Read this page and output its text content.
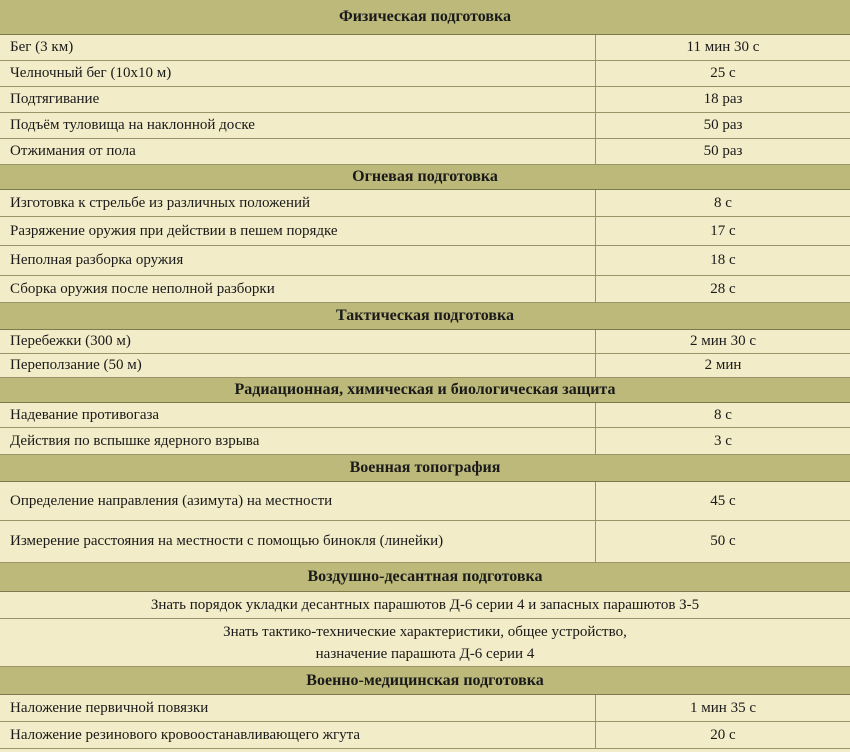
Физическая подготовка
Бег (3 км)	11 мин 30 с
Челночный бег (10х10 м)	25 с
Подтягивание	18 раз
Подъём туловища на наклонной доске	50 раз
Отжимания от пола	50 раз
Огневая подготовка
Изготовка к стрельбе из различных положений	8 с
Разряжение оружия при действии в пешем порядке	17 с
Неполная разборка оружия	18 с
Сборка оружия после неполной разборки	28 с
Тактическая подготовка
Перебежки (300 м)	2 мин 30 с
Переползание (50 м)	2 мин
Радиационная, химическая и биологическая защита
Надевание противогаза	8 с
Действия по вспышке ядерного взрыва	3 с
Военная топография
Определение направления (азимута) на местности	45 с
Измерение расстояния на местности с помощью бинокля (линейки)	50 с
Воздушно-десантная подготовка
Знать порядок укладки десантных парашютов Д-6 серии 4 и запасных парашютов З-5
Знать тактико-технические характеристики, общее устройство,
назначение парашюта Д-6 серии 4
Военно-медицинская подготовка
Наложение первичной повязки	1 мин 35 с
Наложение резинового кровоостанавливающего жгута	20 с
